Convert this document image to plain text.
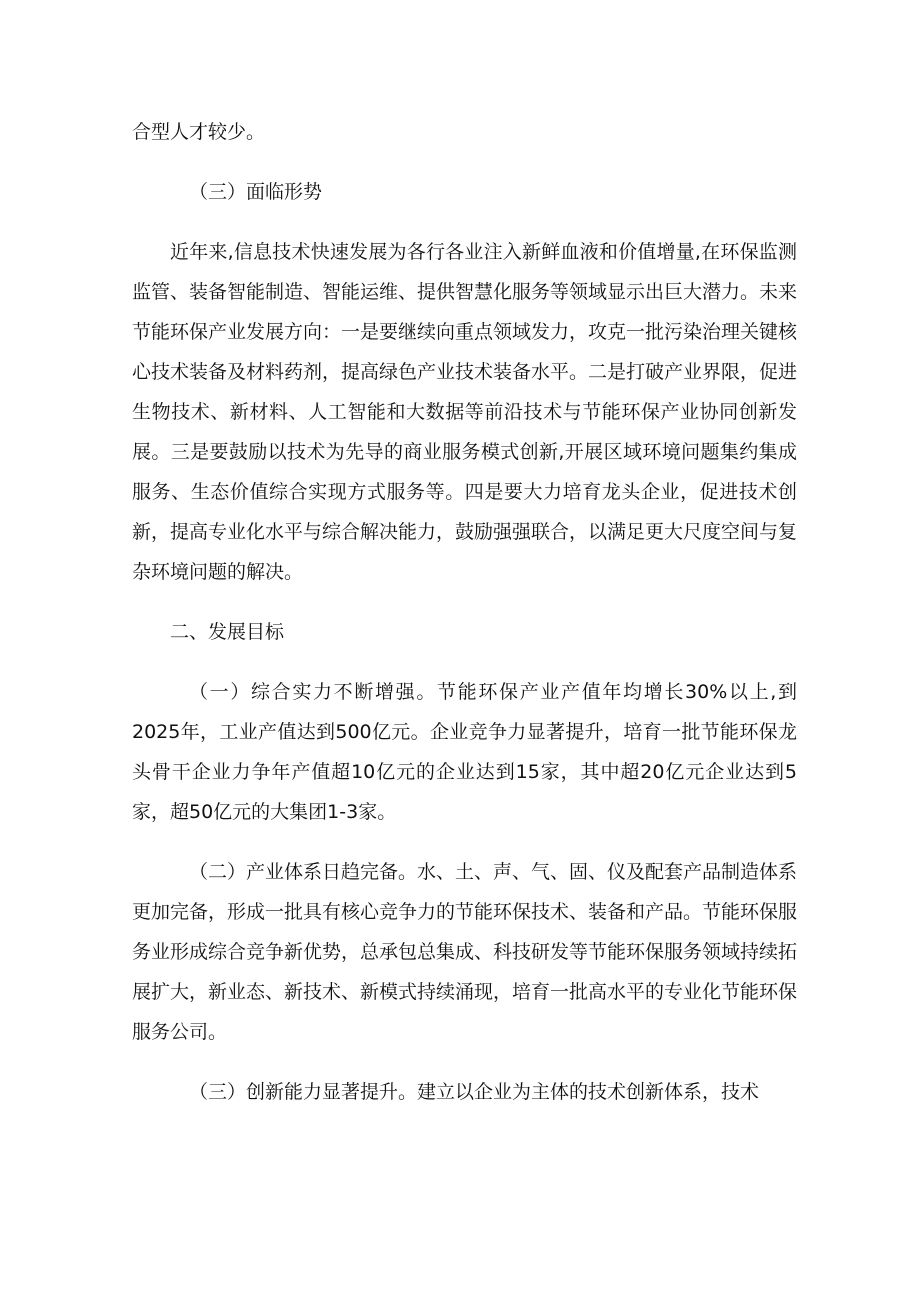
合型人才较少。

（三）面临形势

近年来,信息技术快速发展为各行各业注入新鲜血液和价值增量,在环保监测监管、装备智能制造、智能运维、提供智慧化服务等领域显示出巨大潜力。未来节能环保产业发展方向：一是要继续向重点领域发力，攻克一批污染治理关键核心技术装备及材料药剂，提高绿色产业技术装备水平。二是打破产业界限，促进生物技术、新材料、人工智能和大数据等前沿技术与节能环保产业协同创新发展。三是要鼓励以技术为先导的商业服务模式创新,开展区域环境问题集约集成服务、生态价值综合实现方式服务等。四是要大力培育龙头企业，促进技术创新，提高专业化水平与综合解决能力，鼓励强强联合，以满足更大尺度空间与复杂环境问题的解决。

二、发展目标

（一）综合实力不断增强。节能环保产业产值年均增长30%以上,到2025年，工业产值达到500亿元。企业竞争力显著提升，培育一批节能环保龙头骨干企业力争年产值超10亿元的企业达到15家，其中超20亿元企业达到5家，超50亿元的大集团1-3家。

（二）产业体系日趋完备。水、土、声、气、固、仪及配套产品制造体系更加完备，形成一批具有核心竞争力的节能环保技术、装备和产品。节能环保服务业形成综合竞争新优势，总承包总集成、科技研发等节能环保服务领域持续拓展扩大，新业态、新技术、新模式持续涌现，培育一批高水平的专业化节能环保服务公司。

（三）创新能力显著提升。建立以企业为主体的技术创新体系，技术
